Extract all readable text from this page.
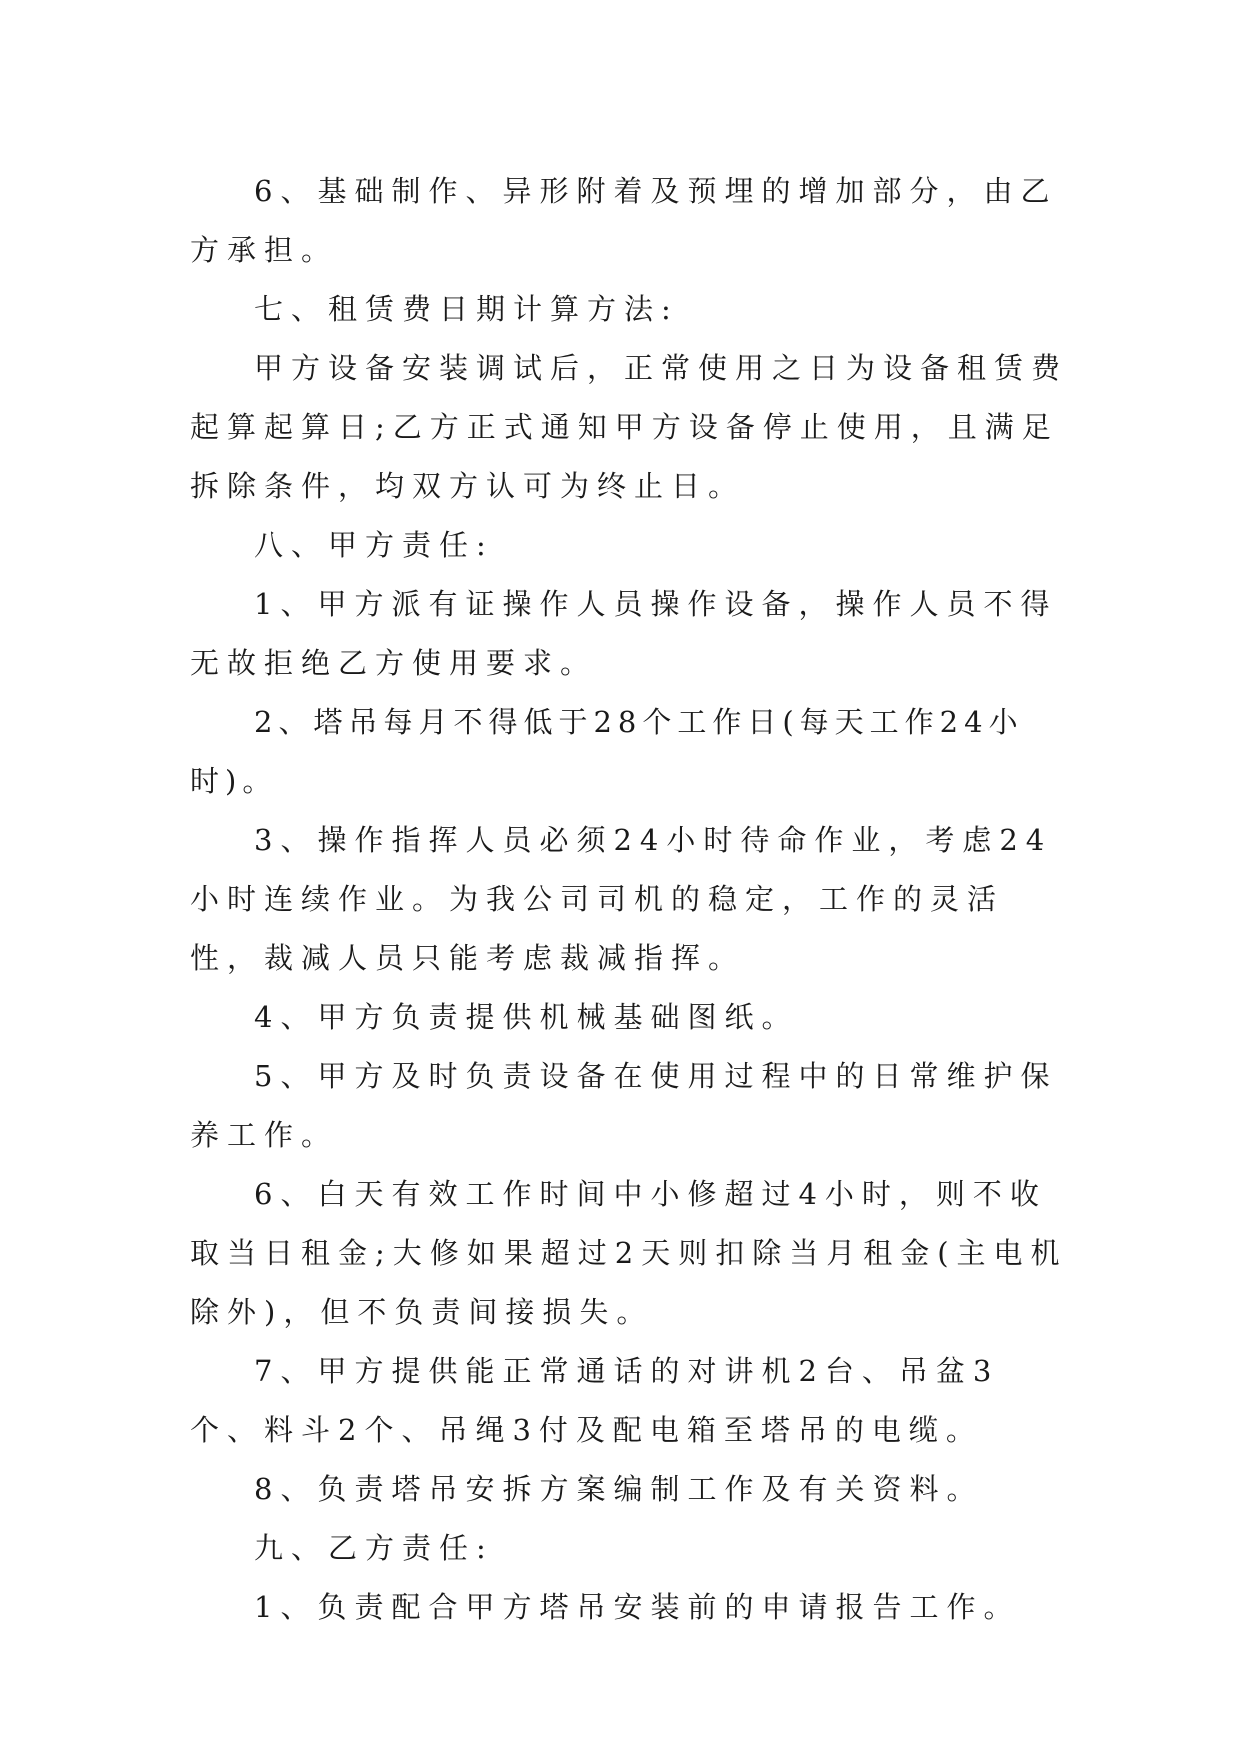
6、基础制作、异形附着及预埋的增加部分，由乙方承担。

七、租赁费日期计算方法:

甲方设备安装调试后，正常使用之日为设备租赁费起算起算日;乙方正式通知甲方设备停止使用，且满足拆除条件，均双方认可为终止日。

八、甲方责任:

1、甲方派有证操作人员操作设备，操作人员不得无故拒绝乙方使用要求。

2、塔吊每月不得低于28个工作日(每天工作24小时)。

3、操作指挥人员必须24小时待命作业，考虑24小时连续作业。为我公司司机的稳定，工作的灵活性，裁减人员只能考虑裁减指挥。

4、甲方负责提供机械基础图纸。

5、甲方及时负责设备在使用过程中的日常维护保养工作。

6、白天有效工作时间中小修超过4小时，则不收取当日租金;大修如果超过2天则扣除当月租金(主电机除外)，但不负责间接损失。

7、甲方提供能正常通话的对讲机2台、吊盆3个、料斗2个、吊绳3付及配电箱至塔吊的电缆。

8、负责塔吊安拆方案编制工作及有关资料。

九、乙方责任:

1、负责配合甲方塔吊安装前的申请报告工作。
